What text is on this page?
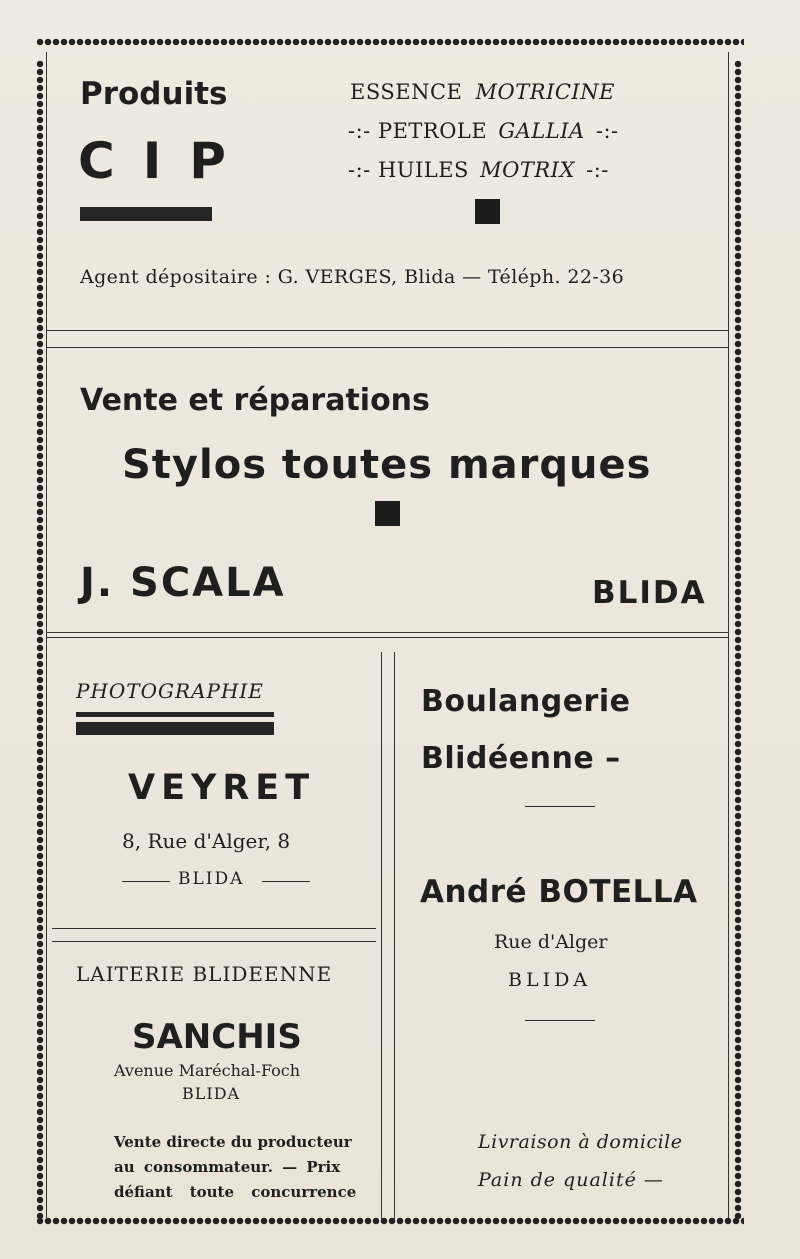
Produits
CIP
ESSENCE MOTRICINE
-:- PETROLE GALLIA -:-
-:- HUILES MOTRIX -:-
Agent dépositaire : G. VERGES, Blida — Téléph. 22-36
Vente et réparations
Stylos toutes marques
J. SCALA	BLIDA
PHOTOGRAPHIE
VEYRET
8, Rue d'Alger, 8
BLIDA
LAITERIE BLIDEENNE
SANCHIS
Avenue Maréchal-Foch
BLIDA
Vente directe du producteur
au consommateur. — Prix
défiant toute concurrence
Boulangerie
Blidéenne –
André BOTELLA
Rue d'Alger
BLIDA
Livraison à domicile
Pain de qualité —
